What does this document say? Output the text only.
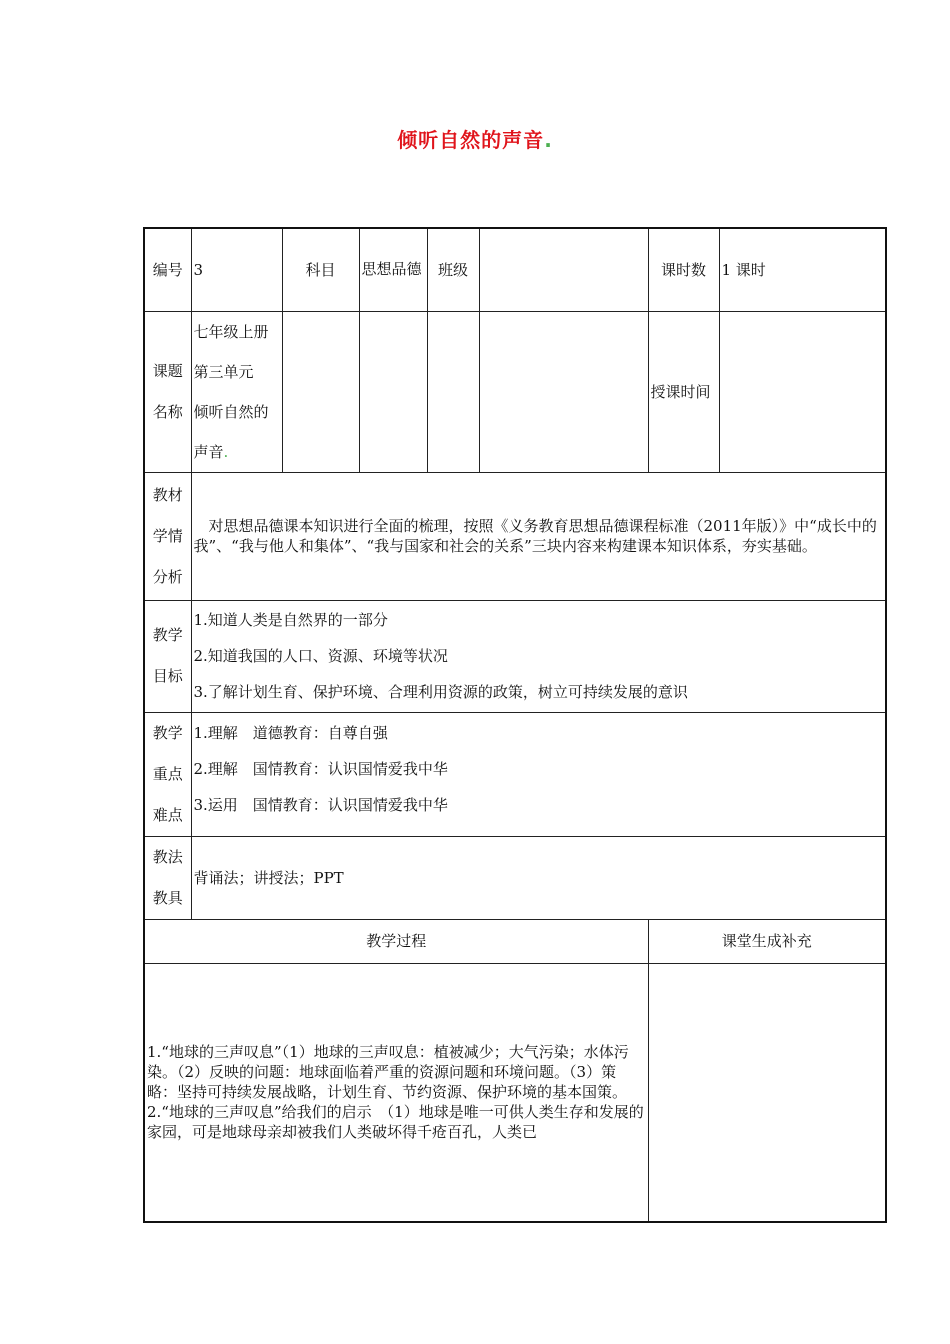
倾听自然的声音.
编号	3	科目	思想品德	班级		课时数	1 课时
课题
名称	七年级上册
第三单元
倾听自然的
声音.					授课时间	
教材
学情
分析	对思想品德课本知识进行全面的梳理，按照《义务教育思想品德课程标准（2011年版）》中“成长中的我”、“我与他人和集体”、“我与国家和社会的关系”三块内容来构建课本知识体系，夯实基础。						
教学
目标	1.知道人类是自然界的一部分
2.知道我国的人口、资源、环境等状况
3.了解计划生育、保护环境、合理利用资源的政策，树立可持续发展的意识						

教学
重点
难点	1.理解　道德教育：自尊自强
2.理解　国情教育：认识国情爱我中华
3.运用　国情教育：认识国情爱我中华						

教法
教具	背诵法；讲授法；PPT						
教学过程						课堂生成补充	
1.“地球的三声叹息”（1）地球的三声叹息：植被减少；大气污染；水体污染。（2）反映的问题：地球面临着严重的资源问题和环境问题。（3）策略：坚持可持续发展战略，计划生育、节约资源、保护环境的基本国策。
2.“地球的三声叹息”给我们的启示　（1）地球是唯一可供人类生存和发展的家园，可是地球母亲却被我们人类破坏得千疮百孔，人类已							
